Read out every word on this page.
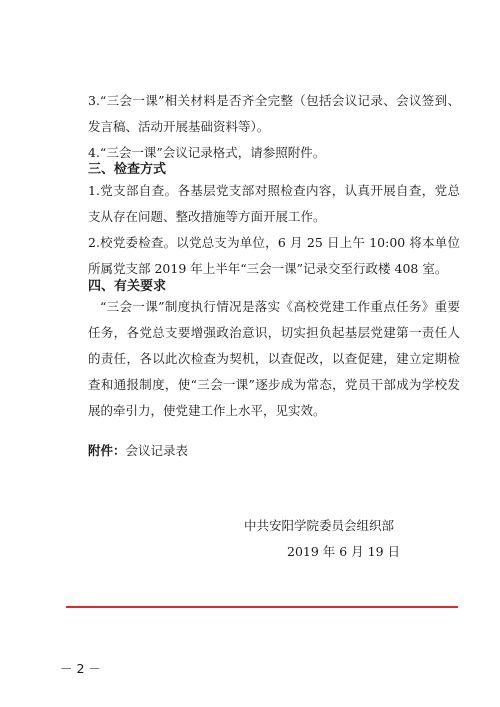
3.“三会一课”相关材料是否齐全完整（包括会议记录、会议签到、发言稿、活动开展基础资料等）。

4.“三会一课”会议记录格式，请参照附件。

三、检查方式

1.党支部自查。各基层党支部对照检查内容，认真开展自查，党总支从存在问题、整改措施等方面开展工作。

2.校党委检查。以党总支为单位，6 月 25 日上午 10:00 将本单位所属党支部 2019 年上半年“三会一课”记录交至行政楼 408 室。

四、有关要求

“三会一课”制度执行情况是落实《高校党建工作重点任务》重要任务，各党总支要增强政治意识，切实担负起基层党建第一责任人的责任，各以此次检查为契机，以查促改，以查促建，建立定期检查和通报制度，使“三会一课”逐步成为常态，党员干部成为学校发展的牵引力，使党建工作上水平，见实效。

附件：会议记录表
中共安阳学院委员会组织部
2019 年 6 月 19 日
－ 2 －
